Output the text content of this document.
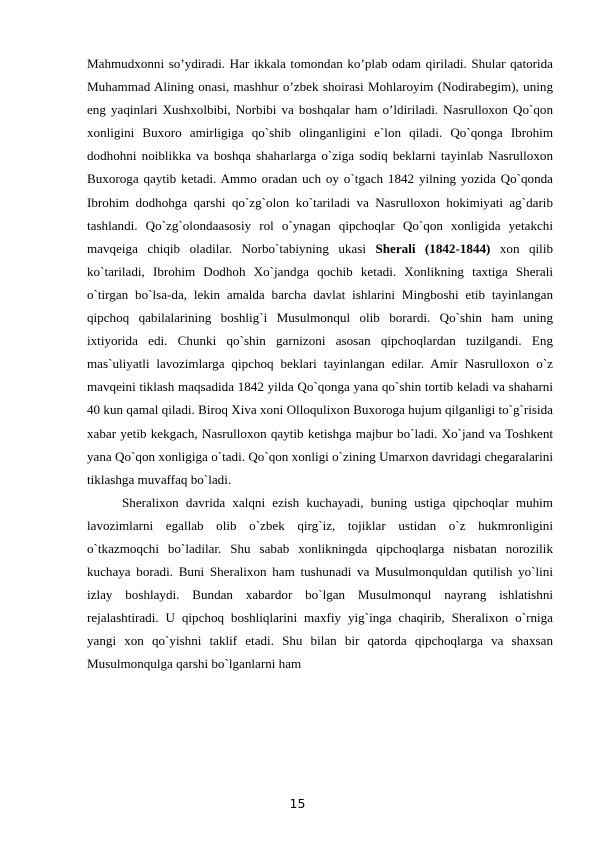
Mahmudxonni so’ydiradi. Har ikkala tomondan ko’plab odam qiriladi. Shular qatorida Muhammad Alining onasi, mashhur o’zbek shoirasi Mohlaroyim (Nodirabegim), uning eng yaqinlari Xushxolbibi, Norbibi va boshqalar ham o’ldiriladi. Nasrulloxon Qo`qon xonligini Buxoro amirligiga qo`shib olinganligini e`lon qiladi. Qo`qonga Ibrohim dodhohni noiblikka va boshqa shaharlarga o`ziga sodiq beklarni tayinlab Nasrulloxon Buxoroga qaytib ketadi. Ammo oradan uch oy o`tgach 1842 yilning yozida Qo`qonda Ibrohim dodhohga qarshi qo`zg`olon ko`tariladi va Nasrulloxon hokimiyati ag`darib tashlandi. Qo`zg`olondaasosiy rol o`ynagan qipchoqlar Qo`qon xonligida yetakchi mavqeiga chiqib oladilar. Norbo`tabiyning ukasi Sherali (1842-1844) xon qilib ko`tariladi, Ibrohim Dodhoh Xo`jandga qochib ketadi. Xonlikning taxtiga Sherali o`tirgan bo`lsa-da, lekin amalda barcha davlat ishlarini Mingboshi etib tayinlangan qipchoq qabilalarining boshlig`i Musulmonqul olib borardi. Qo`shin ham uning ixtiyorida edi. Chunki qo`shin garnizoni asosan qipchoqlardan tuzilgandi. Eng mas`uliyatli lavozimlarga qipchoq beklari tayinlangan edilar. Amir Nasrulloxon o`z mavqeini tiklash maqsadida 1842 yilda Qo`qonga yana qo`shin tortib keladi va shaharni 40 kun qamal qiladi. Biroq Xiva xoni Olloqulixon Buxoroga hujum qilganligi to`g`risida xabar yetib kekgach, Nasrulloxon qaytib ketishga majbur bo`ladi. Xo`jand va Toshkent yana Qo`qon xonligiga o`tadi. Qo`qon xonligi o`zining Umarxon davridagi chegaralarini tiklashga muvaffaq bo`ladi.

Sheralixon davrida xalqni ezish kuchayadi, buning ustiga qipchoqlar muhim lavozimlarni egallab olib o`zbek qirg`iz, tojiklar ustidan o`z hukmronligini o`tkazmoqchi bo`ladilar. Shu sabab xonlikningda qipchoqlarga nisbatan norozilik kuchaya boradi. Buni Sheralixon ham tushunadi va Musulmonquldan qutilish yo`lini izlay boshlaydi. Bundan xabardor bo`lgan Musulmonqul nayrang ishlatishni rejalashtiradi. U qipchoq boshliqlarini maxfiy yig`inga chaqirib, Sheralixon o`rniga yangi xon qo`yishni taklif etadi. Shu bilan bir qatorda qipchoqlarga va shaxsan Musulmonqulga qarshi bo`lganlarni ham

15
